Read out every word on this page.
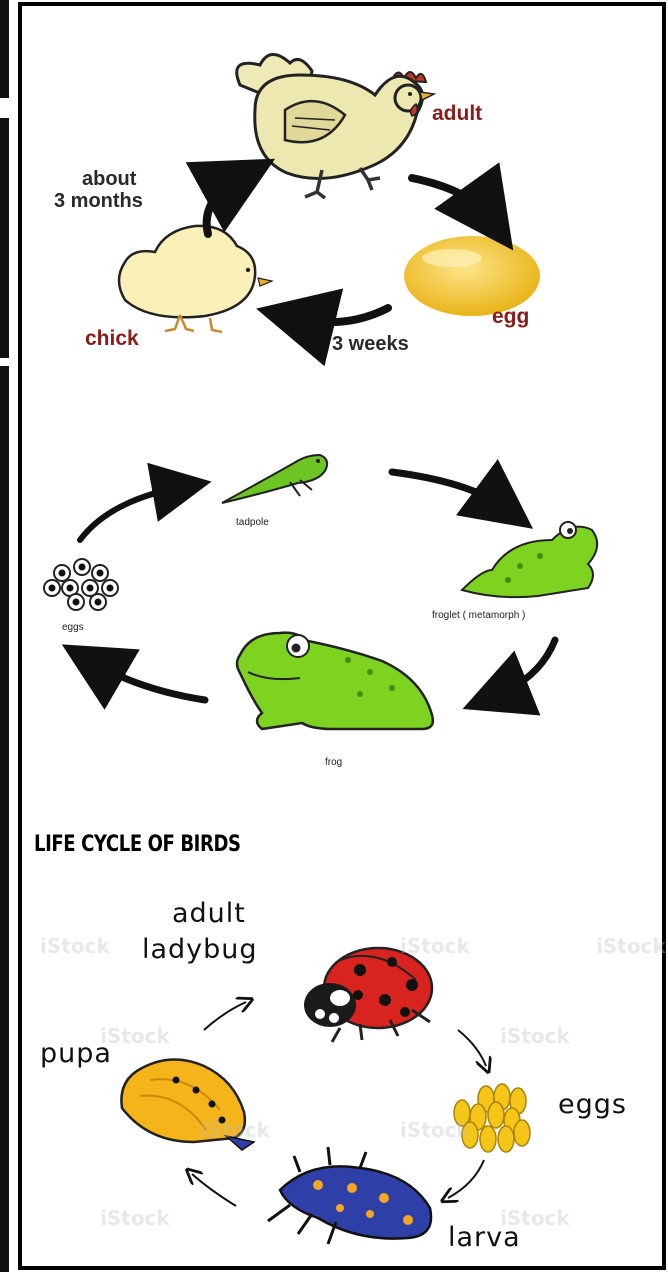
adult
egg
3 weeks
chick
about
3 months
tadpole
froglet ( metamorph )
frog
eggs
LIFE CYCLE OF BIRDS
iStock	iStock	iStock
iStock	iStock
iStock
iStock
iStock	iStock
adult
ladybug
eggs
larva
pupa
